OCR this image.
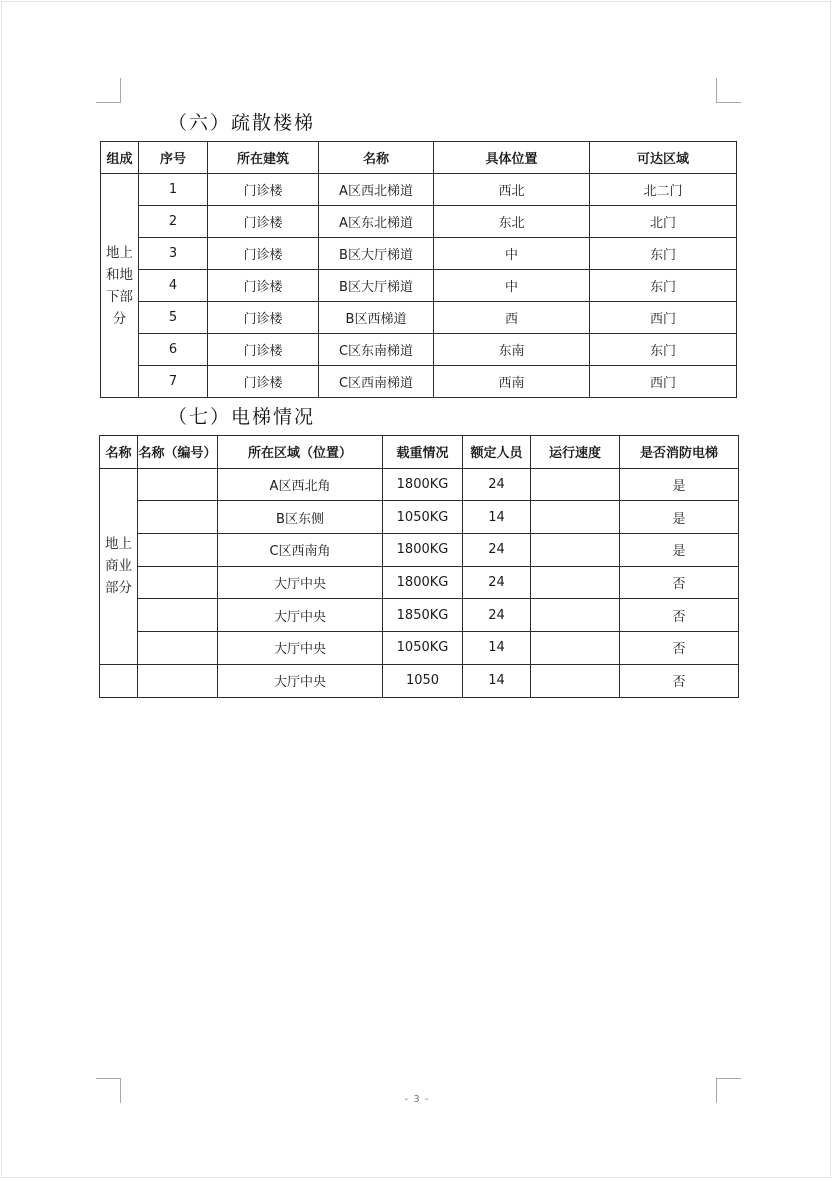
（六）疏散楼梯
组成	序号	所在建筑	名称	具体位置	可达区域
地上和地下部分	1	门诊楼	A区西北梯道	西北	北二门
	2	门诊楼	A区东北梯道	东北	北门
	3	门诊楼	B区大厅梯道	中	东门
	4	门诊楼	B区大厅梯道	中	东门
	5	门诊楼	B区西梯道	西	西门
	6	门诊楼	C区东南梯道	东南	东门
	7	门诊楼	C区西南梯道	西南	西门
（七）电梯情况
名称	名称（编号）	所在区域（位置）	载重情况	额定人员	运行速度	是否消防电梯
地上商业部分		A区西北角	1800KG	24		是
		B区东侧	1050KG	14		是
		C区西南角	1800KG	24		是
		大厅中央	1800KG	24		否
		大厅中央	1850KG	24		否
		大厅中央	1050KG	14		否
		大厅中央	1050	14		否
- 3 -
